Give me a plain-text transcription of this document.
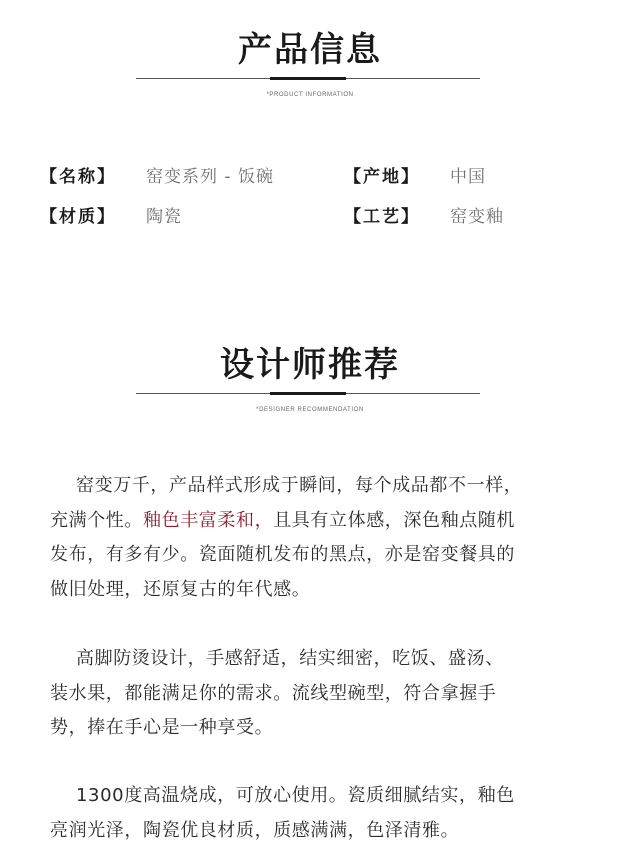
产品信息
*PRODUCT INFORMATION
【名称】 窑变系列 - 饭碗	【产地】 中国
【材质】 陶瓷	【工艺】 窑变釉
设计师推荐
*DESIGNER RECOMMENDATION
窑变万千，产品样式形成于瞬间，每个成品都不一样，
充满个性。釉色丰富柔和，且具有立体感，深色釉点随机
发布，有多有少。瓷面随机发布的黑点，亦是窑变餐具的
做旧处理，还原复古的年代感。
高脚防烫设计，手感舒适，结实细密，吃饭、盛汤、
装水果，都能满足你的需求。流线型碗型，符合拿握手
势，捧在手心是一种享受。
1300度高温烧成，可放心使用。瓷质细腻结实，釉色
亮润光泽，陶瓷优良材质，质感满满，色泽清雅。
